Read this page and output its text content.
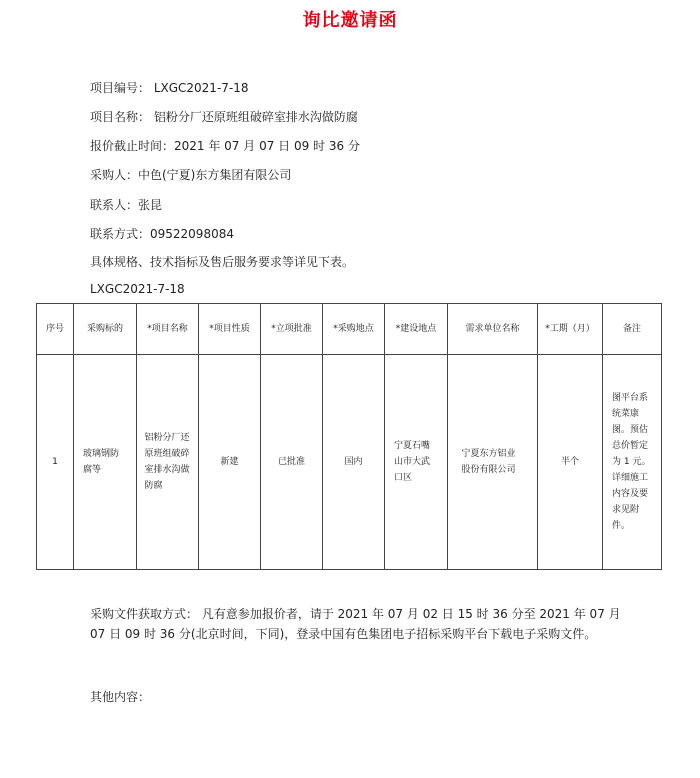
询比邀请函
项目编号： LXGC2021-7-18
项目名称： 铝粉分厂还原班组破碎室排水沟做防腐
报价截止时间：2021 年 07 月 07 日 09 时 36 分
采购人：中色(宁夏)东方集团有限公司
联系人：张昆
联系方式：09522098084
具体规格、技术指标及售后服务要求等详见下表。
LXGC2021-7-18
序号	采购标的	*项目名称	*项目性质	*立项批准	*采购地点	*建设地点	需求单位名称	*工期（月）	备注
1	玻璃钢防腐等	铝粉分厂还原班组破碎室排水沟做防腐	新建	已批准	国内	宁夏石嘴山市大武口区	宁夏东方铝业股份有限公司	半个	图平台系统菜康图。预估总价暂定为 1 元。详细施工内容及要求见附件。
采购文件获取方式： 凡有意参加报价者，请于 2021 年 07 月 02 日 15 时 36 分至 2021 年 07 月 07 日 09 时 36 分(北京时间，下同)，登录中国有色集团电子招标采购平台下载电子采购文件。
其他内容：
